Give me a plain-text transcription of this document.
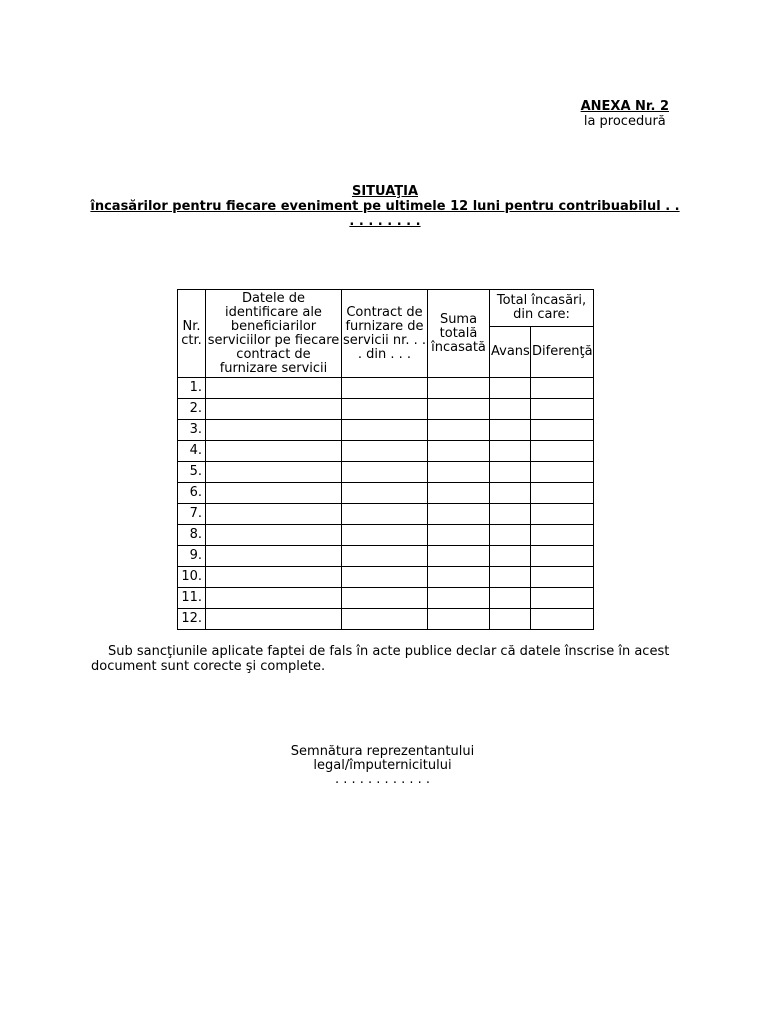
ANEXA Nr. 2
la procedură
SITUAŢIA
încasărilor pentru fiecare eveniment pe ultimele 12 luni pentru contribuabilul . . . . . . . . . .
Nr. ctr.	Datele de identificare ale beneficiarilor serviciilor pe fiecare contract de furnizare servicii	Contract de furnizare de servicii nr. . . . din . . .	Suma totală încasată	Total încasări, din care:	
				Avans	Diferenţă
1.					
2.					
3.					
4.					
5.					
6.					
7.					
8.					
9.					
10.					
11.					
12.					
Sub sancţiunile aplicate faptei de fals în acte publice declar că datele înscrise în acest document sunt corecte şi complete.
Semnătura reprezentantului
legal/împuternicitului
. . . . . . . . . . . .
